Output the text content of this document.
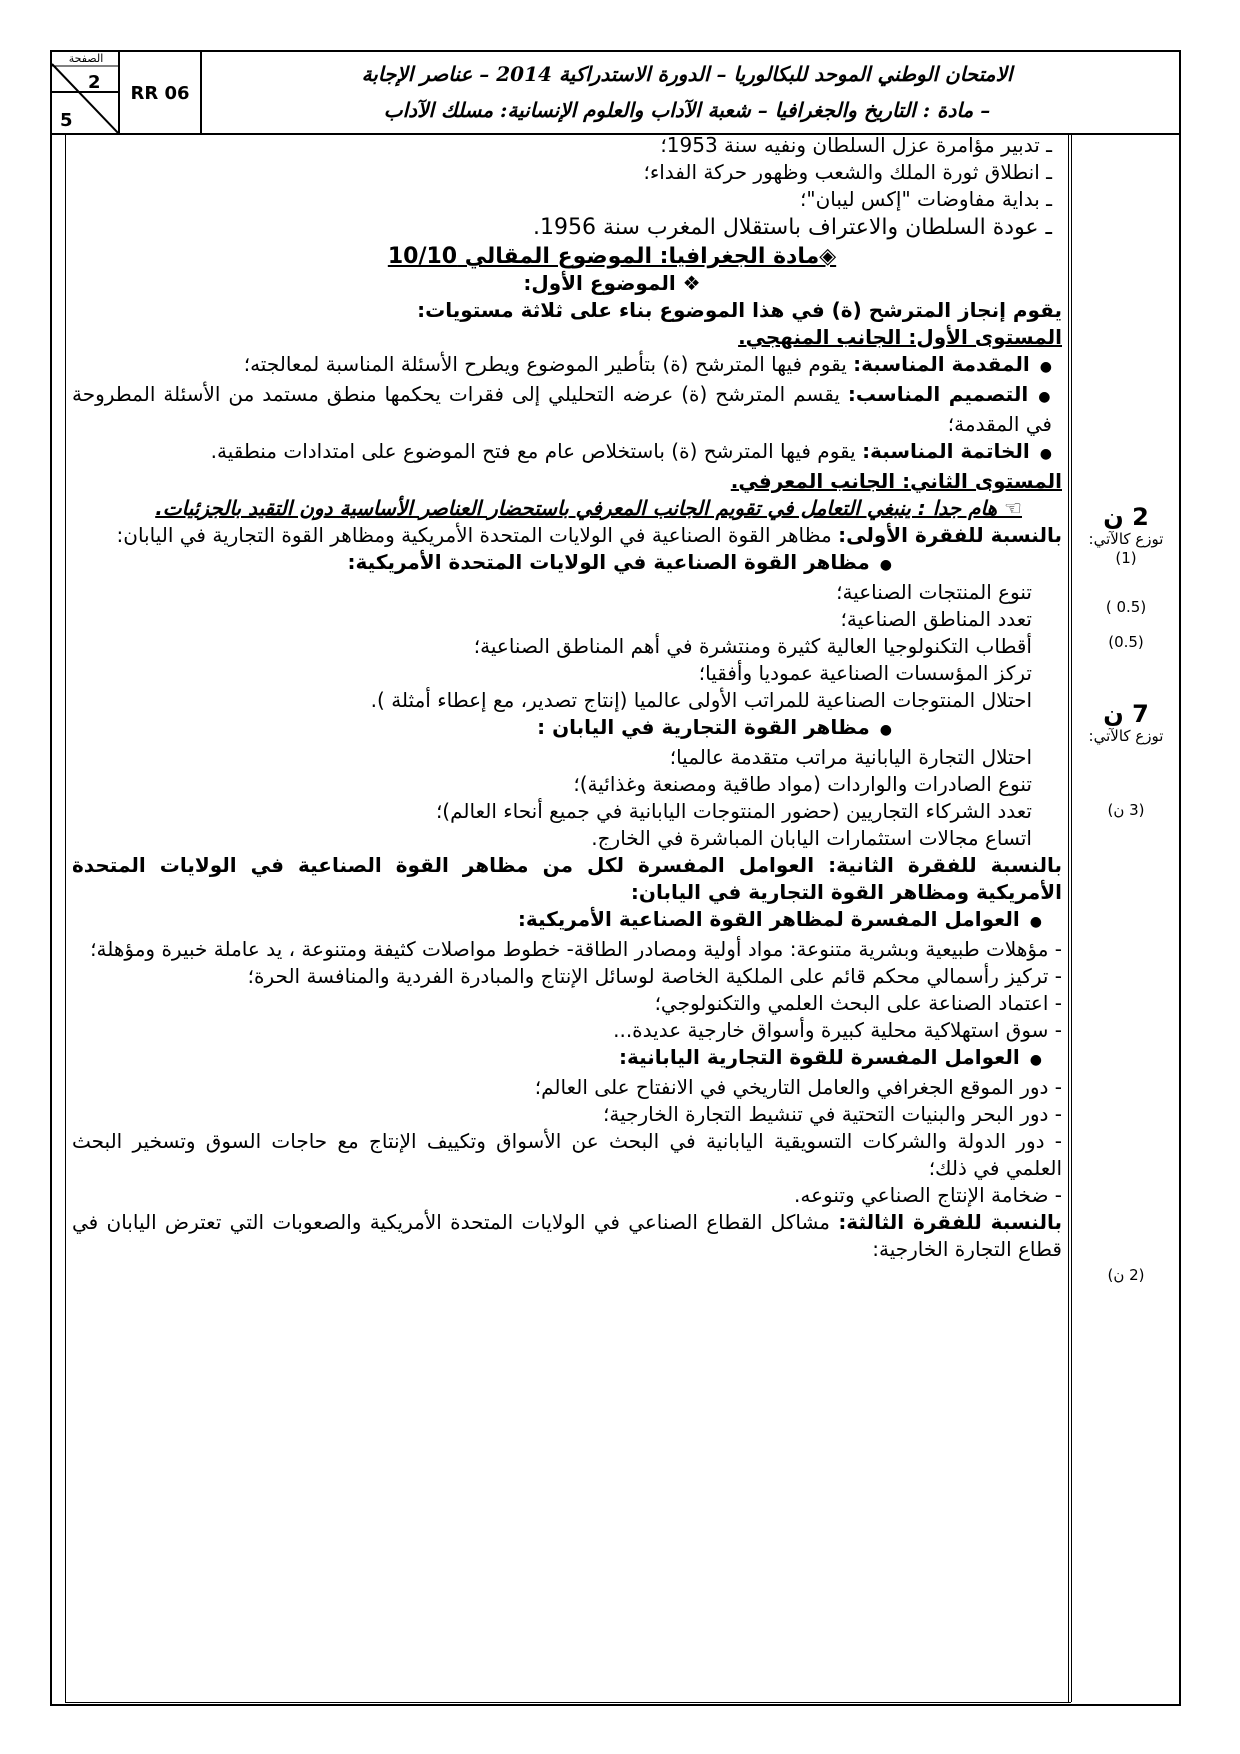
الصفحة
2
5
RR 06
الامتحان الوطني الموحد للبكالوريا – الدورة الاستدراكية 2014 – عناصر الإجابة
– مادة : التاريخ والجغرافيا – شعبة الآداب والعلوم الإنسانية: مسلك الآداب

ـ تدبير مؤامرة عزل السلطان ونفيه سنة 1953؛

ـ انطلاق ثورة الملك والشعب وظهور حركة الفداء؛

ـ بداية مفاوضات "إكس ليبان"؛

ـ عودة السلطان والاعتراف باستقلال المغرب سنة 1956.

◈مادة الجغرافيا: الموضوع المقالي 10/10

❖ الموضوع الأول:

يقوم إنجاز المترشح (ة) في هذا الموضوع بناء على ثلاثة مستويات:

المستوى الأول: الجانب المنهجي.

● المقدمة المناسبة: يقوم فيها المترشح (ة) بتأطير الموضوع ويطرح الأسئلة المناسبة لمعالجته؛

● التصميم المناسب: يقسم المترشح (ة) عرضه التحليلي إلى فقرات يحكمها منطق مستمد من الأسئلة المطروحة في المقدمة؛

● الخاتمة المناسبة: يقوم فيها المترشح (ة) باستخلاص عام مع فتح الموضوع على امتدادات منطقية.

المستوى الثاني: الجانب المعرفي.

☜ هام جدا : ينبغي التعامل في تقويم الجانب المعرفي باستحضار العناصر الأساسية دون التقيد بالجزئيات.

بالنسبة للفقرة الأولى: مظاهر القوة الصناعية في الولايات المتحدة الأمريكية ومظاهر القوة التجارية في اليابان:

● مظاهر القوة الصناعية في الولايات المتحدة الأمريكية:

تنوع المنتجات الصناعية؛

تعدد المناطق الصناعية؛

أقطاب التكنولوجيا العالية كثيرة ومنتشرة في أهم المناطق الصناعية؛

تركز المؤسسات الصناعية عموديا وأفقيا؛

احتلال المنتوجات الصناعية للمراتب الأولى عالميا (إنتاج تصدير، مع إعطاء أمثلة ).

● مظاهر القوة التجارية في اليابان :

احتلال التجارة اليابانية مراتب متقدمة عالميا؛

تنوع الصادرات والواردات (مواد طاقية ومصنعة وغذائية)؛

تعدد الشركاء التجاريين (حضور المنتوجات اليابانية في جميع أنحاء العالم)؛

اتساع مجالات استثمارات اليابان المباشرة في الخارج.

بالنسبة للفقرة الثانية: العوامل المفسرة لكل من مظاهر القوة الصناعية في الولايات المتحدة الأمريكية ومظاهر القوة التجارية في اليابان:

● العوامل المفسرة لمظاهر القوة الصناعية الأمريكية:

- مؤهلات طبيعية وبشرية متنوعة: مواد أولية ومصادر الطاقة- خطوط مواصلات كثيفة ومتنوعة ، يد عاملة خبيرة ومؤهلة؛

- تركيز رأسمالي محكم قائم على الملكية الخاصة لوسائل الإنتاج والمبادرة الفردية والمنافسة الحرة؛

- اعتماد الصناعة على البحث العلمي والتكنولوجي؛

- سوق استهلاكية محلية كبيرة وأسواق خارجية عديدة...

● العوامل المفسرة للقوة التجارية اليابانية:

- دور الموقع الجغرافي والعامل التاريخي في الانفتاح على العالم؛

- دور البحر والبنيات التحتية في تنشيط التجارة الخارجية؛

- دور الدولة والشركات التسويقية اليابانية في البحث عن الأسواق وتكييف الإنتاج مع حاجات السوق وتسخير البحث العلمي في ذلك؛

- ضخامة الإنتاج الصناعي وتنوعه.

بالنسبة للفقرة الثالثة: مشاكل القطاع الصناعي في الولايات المتحدة الأمريكية والصعوبات التي تعترض اليابان في قطاع التجارة الخارجية:

2 ن
توزع كالآتي:
(1)
(0.5 )
(0.5)
7 ن
توزع كالآتي:
(3 ن)
(2 ن)
